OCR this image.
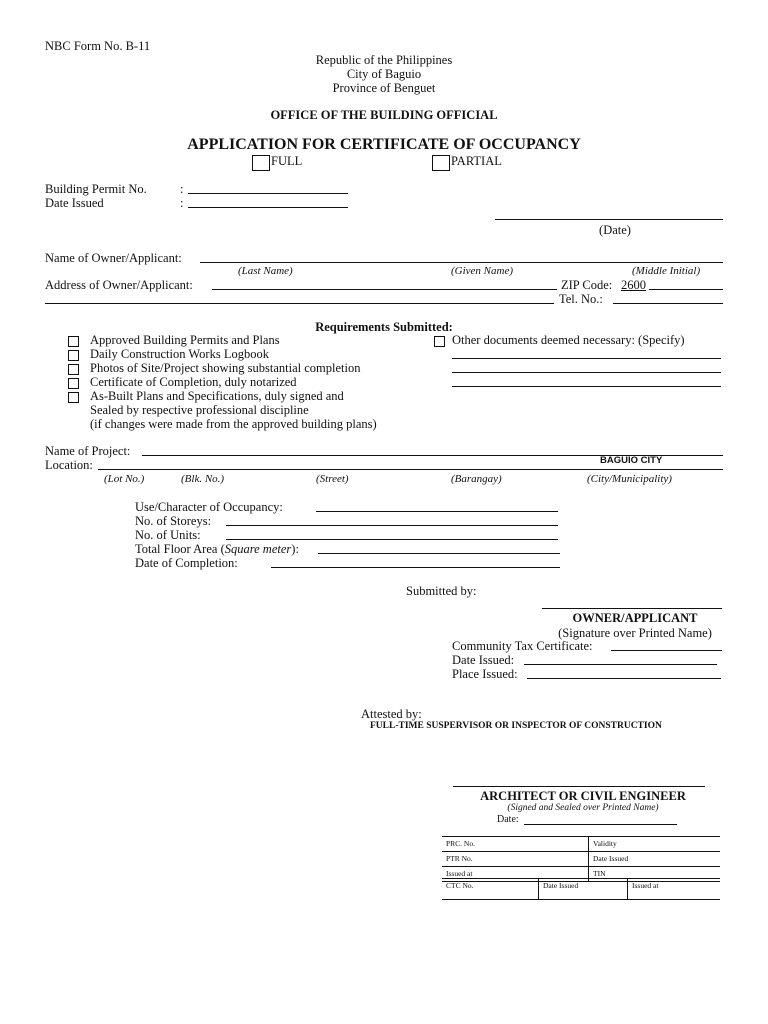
NBC Form No. B-11
Republic of the Philippines
City of Baguio
Province of Benguet
OFFICE OF THE BUILDING OFFICIAL
APPLICATION FOR CERTIFICATE OF OCCUPANCY
FULL	PARTIAL
Building Permit No.	:
Date Issued	:
(Date)
Name of Owner/Applicant:
(Last Name)	(Given Name)	(Middle Initial)
Address of Owner/Applicant:	ZIP Code: 2600
Tel. No.:
Requirements Submitted:
Approved Building Permits and Plans
Daily Construction Works Logbook
Photos of Site/Project showing substantial completion
Certificate of Completion, duly notarized
As-Built Plans and Specifications, duly signed and
Sealed by respective professional discipline
(if changes were made from the approved building plans)
Other documents deemed necessary: (Specify)
Name of Project:
Location:	BAGUIO CITY
(Lot No.)	(Blk. No.)	(Street)	(Barangay)	(City/Municipality)
Use/Character of Occupancy:
No. of Storeys:
No. of Units:
Total Floor Area (Square meter):
Date of Completion:
Submitted by:
OWNER/APPLICANT
(Signature over Printed Name)
Community Tax Certificate:
Date Issued:
Place Issued:
Attested by:
FULL-TIME SUSPERVISOR OR INSPECTOR OF CONSTRUCTION
ARCHITECT OR CIVIL ENGINEER
(Signed and Sealed over Printed Name)
Date:
PRC. No.	Validity
PTR No.	Date Issued
Issued at	TIN
CTC No.	Date Issued	Issued at
